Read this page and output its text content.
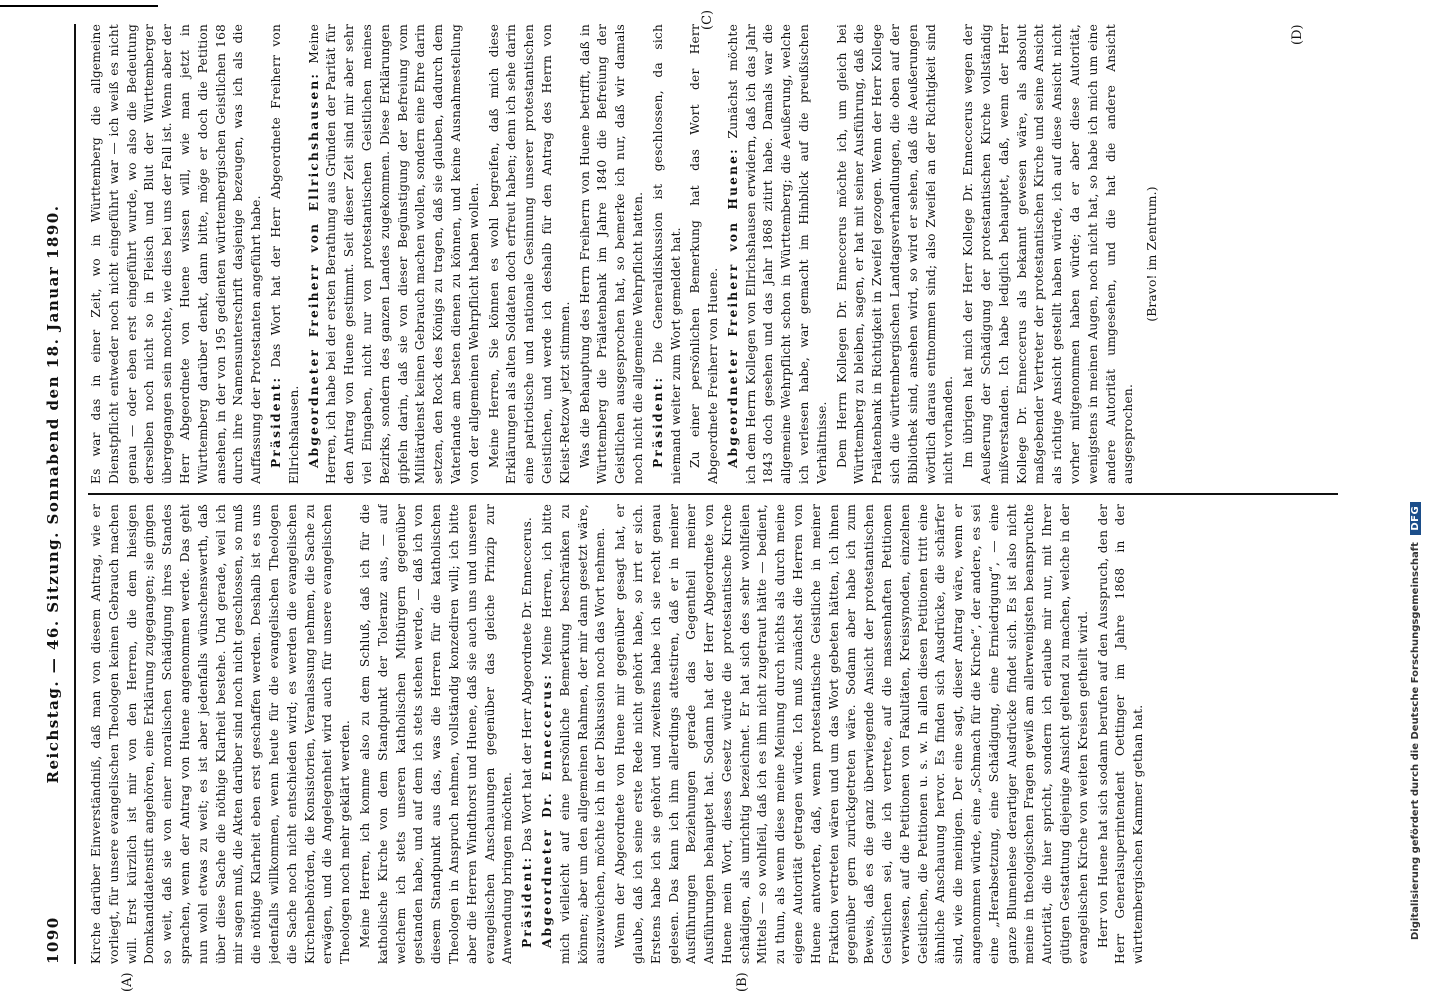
1090
Reichstag. — 46. Sitzung. Sonnabend den 18. Januar 1890. Kirche darüber Einverständniß, daß man von diesem Antrag, wie er vorliegt, für unsere evangelischen Theologen keinen Gebrauch machen will. Erst kürzlich ist mir von den Herren, die dem hiesigen Domkandidatenstift angehören, eine Erklärung zugegangen; sie gingen so weit, daß sie von einer moralischen Schädigung ihres Standes sprachen, wenn der Antrag von Huene angenommen werde. Das geht nun wohl etwas zu weit; es ist aber jedenfalls wünschenswerth, daß über diese Sache die nöthige Klarheit bestehe. Und gerade, weil ich mir sagen muß, die Akten darüber sind noch nicht geschlossen, so muß die nöthige Klarheit eben erst geschaffen werden. Deshalb ist es uns jedenfalls willkommen, wenn heute für die evangelischen Theologen die Sache noch nicht entschieden wird; es werden die evangelischen Kirchenbehörden, die Konsistorien, Veranlassung nehmen, die Sache zu erwägen, und die Angelegenheit wird auch für unsere evangelischen Theologen noch mehr geklärt werden. Meine Herren, ich komme also zu dem Schluß, daß ich für die katholische Kirche von dem Standpunkt der Toleranz aus, — auf welchem ich stets unseren katholischen Mitbürgern gegenüber gestanden habe, und auf dem ich stets stehen werde, — daß ich von diesem Standpunkt aus das, was die Herren für die katholischen Theologen in Anspruch nehmen, vollständig konzediren will; ich bitte aber die Herren Windthorst und Huene, daß sie auch uns und unseren evangelischen Anschauungen gegenüber das gleiche Prinzip zur Anwendung bringen möchten. Präsident: Das Wort hat der Herr Abgeordnete Dr. Enneccerus. Abgeordneter Dr. Enneccerus: Meine Herren, ich bitte mich vielleicht auf eine persönliche Bemerkung beschränken zu können; aber um den allgemeinen Rahmen, der mir dann gesetzt wäre, auszuweichen, möchte ich in der Diskussion noch das Wort nehmen. Wenn der Abgeordnete von Huene mir gegenüber gesagt hat, er glaube, daß ich seine erste Rede nicht gehört habe, so irrt er sich. Erstens habe ich sie gehört und zweitens habe ich sie recht genau gelesen. Das kann ich ihm allerdings attestiren, daß er in meiner Ausführungen Beziehungen gerade das Gegentheil meiner Ausführungen behauptet hat. Sodann hat der Herr Abgeordnete von Huene mein Wort, dieses Gesetz würde die protestantische Kirche schädigen, als unrichtig bezeichnet. Er hat sich des sehr wohlfeilen Mittels — so wohlfeil, daß ich es ihm nicht zugetraut hätte — bedient, zu thun, als wenn diese meine Meinung durch nichts als durch meine eigene Autorität getragen würde. Ich muß zunächst die Herren von Huene antworten, daß, wenn protestantische Geistliche in meiner Fraktion vertreten wären und um das Wort gebeten hätten, ich ihnen gegenüber gern zurückgetreten wäre. Sodann aber habe ich zum Beweis, daß es die ganz überwiegende Ansicht der protestantischen Geistlichen sei, die ich vertrete, auf die massenhaften Petitionen verwiesen, auf die Petitionen von Fakultäten, Kreissynoden, einzelnen Geistlichen, die Petitionen u. s. w. In allen diesen Petitionen tritt eine ähnliche Anschauung hervor. Es finden sich Ausdrücke, die schärfer sind, wie die meinigen. Der eine sagt, dieser Antrag wäre, wenn er angenommen würde, eine „Schmach für die Kirche“, der andere, es sei eine „Herabsetzung, eine Schädigung, eine Erniedrigung“, — eine ganze Blumenlese derartiger Ausdrücke findet sich. Es ist also nicht meine in theologischen Fragen gewiß am allerwenigsten beanspruchte Autorität, die hier spricht, sondern ich erlaube mir nur, mit Ihrer gütigen Gestattung diejenige Ansicht geltend zu machen, welche in der evangelischen Kirche von weiten Kreisen getheilt wird. Herr von Huene hat sich sodann berufen auf den Ausspruch, den der Herr Generalsuperintendent Oettinger im Jahre 1868 in der württembergischen Kammer gethan hat.

Es war das in einer Zeit, wo in Württemberg die allgemeine Dienstpflicht entweder noch nicht eingeführt war — ich weiß es nicht genau — oder eben erst eingeführt wurde, wo also die Bedeutung derselben noch nicht so in Fleisch und Blut der Württemberger übergegangen sein mochte, wie dies bei uns der Fall ist. Wenn aber der Herr Abgeordnete von Huene wissen will, wie man jetzt in Württemberg darüber denkt, dann bitte, möge er doch die Petition ansehen, in der von 195 gedienten württembergischen Geistlichen 168 durch ihre Namensunterschrift dasjenige bezeugen, was ich als die Auffassung der Protestanten angeführt habe. Präsident: Das Wort hat der Herr Abgeordnete Freiherr von Ellrichshausen. Abgeordneter Freiherr von Ellrichshausen: Meine Herren, ich habe bei der ersten Berathung aus Gründen der Parität für den Antrag von Huene gestimmt. Seit dieser Zeit sind mir aber sehr viel Eingaben, nicht nur von protestantischen Geistlichen meines Bezirks, sondern des ganzen Landes zugekommen. Diese Erklärungen gipfeln darin, daß sie von dieser Begünstigung der Befreiung vom Militärdienst keinen Gebrauch machen wollen, sondern eine Ehre darin setzen, den Rock des Königs zu tragen, daß sie glauben, dadurch dem Vaterlande am besten dienen zu können, und keine Ausnahmestellung von der allgemeinen Wehrpflicht haben wollen. Meine Herren, Sie können es wohl begreifen, daß mich diese Erklärungen als alten Soldaten doch erfreut haben; denn ich sehe darin eine patriotische und nationale Gesinnung unserer protestantischen Geistlichen, und werde ich deshalb für den Antrag des Herrn von Kleist-Retzow jetzt stimmen. Was die Behauptung des Herrn Freiherrn von Huene betrifft, daß in Württemberg die Prälatenbank im Jahre 1840 die Befreiung der Geistlichen ausgesprochen hat, so bemerke ich nur, daß wir damals noch nicht die allgemeine Wehrpflicht hatten. Präsident: Die Generaldiskussion ist geschlossen, da sich niemand weiter zum Wort gemeldet hat. Zu einer persönlichen Bemerkung hat das Wort der Herr Abgeordnete Freiherr von Huene. Abgeordneter Freiherr von Huene: Zunächst möchte ich dem Herrn Kollegen von Ellrichshausen erwidern, daß ich das Jahr 1843 doch gesehen und das Jahr 1868 zitirt habe. Damals war die allgemeine Wehrpflicht schon in Württemberg; die Aeußerung, welche ich verlesen habe, war gemacht im Hinblick auf die preußischen Verhältnisse. Dem Herrn Kollegen Dr. Enneccerus möchte ich, um gleich bei Württemberg zu bleiben, sagen, er hat mit seiner Ausführung, daß die Prälatenbank in Richtigkeit in Zweifel gezogen. Wenn der Herr Kollege sich die württembergischen Landtagsverhandlungen, die oben auf der Bibliothek sind, ansehen wird, so wird er sehen, daß die Aeußerungen wörtlich daraus entnommen sind; also Zweifel an der Richtigkeit sind nicht vorhanden. Im übrigen hat mich der Herr Kollege Dr. Enneccerus wegen der Aeußerung der Schädigung der protestantischen Kirche vollständig mißverstanden. Ich habe lediglich behauptet, daß, wenn der Herr Kollege Dr. Enneccerus als bekannt gewesen wäre, als absolut maßgebender Vertreter der protestantischen Kirche und seine Ansicht als richtige Ansicht gestellt haben würde, ich auf diese Ansicht nicht vorher mitgenommen haben würde; da er aber diese Autorität, wenigstens in meinen Augen, noch nicht hat, so habe ich mich um eine andere Autorität umgesehen, und die hat die andere Ansicht ausgesprochen.

(Bravo! im Zentrum.)

(A)	(B)
(C)
(D)
Digitalisierung gefördert durch die Deutsche Forschungsgemeinschaft DFG
